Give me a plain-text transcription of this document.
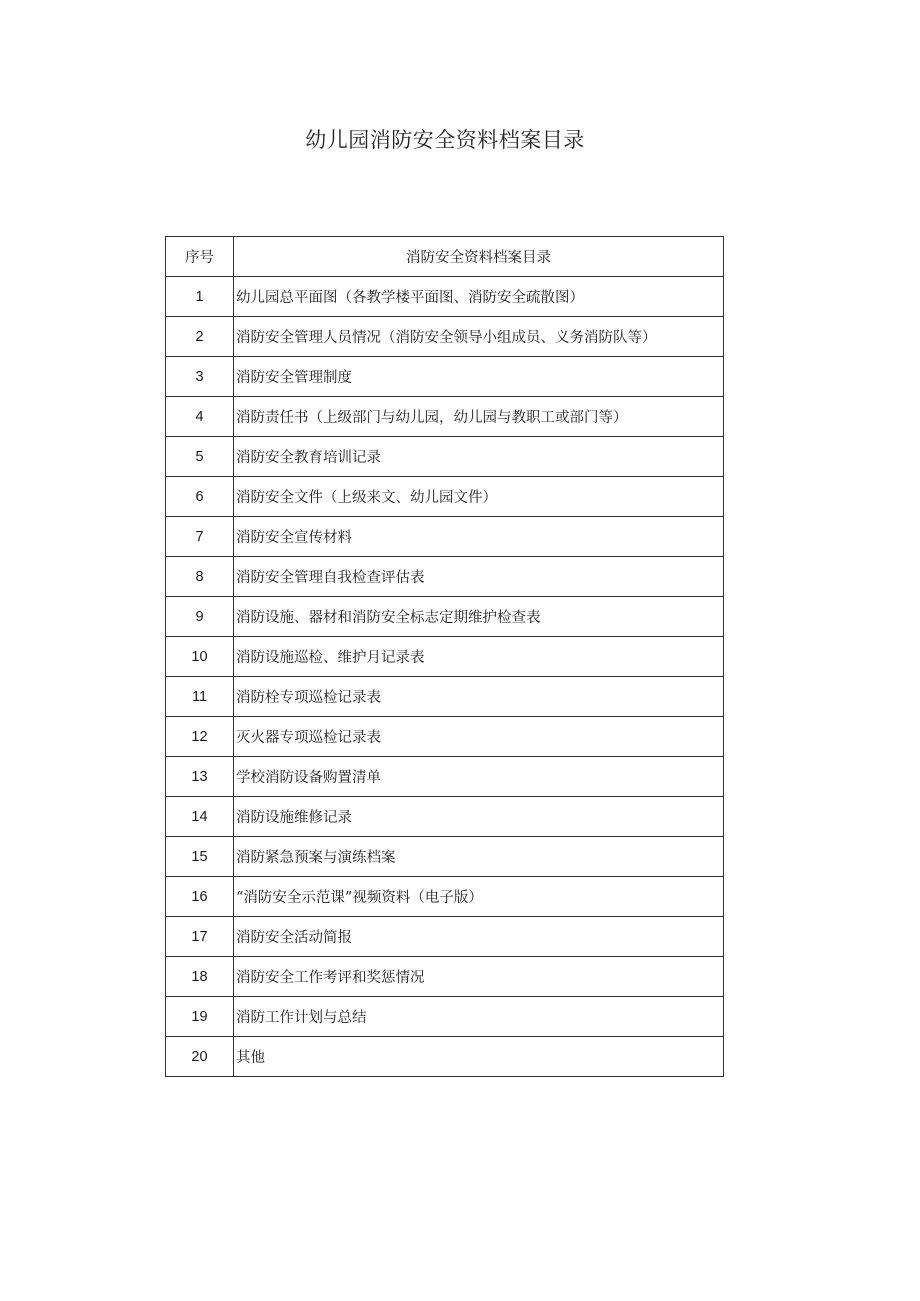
幼儿园消防安全资料档案目录
序号	消防安全资料档案目录
1	幼儿园总平面图（各教学楼平面图、消防安全疏散图）
2	消防安全管理人员情况（消防安全领导小组成员、义务消防队等）
3	消防安全管理制度
4	消防责任书（上级部门与幼儿园，幼儿园与教职工或部门等）
5	消防安全教育培训记录
6	消防安全文件（上级来文、幼儿园文件）
7	消防安全宣传材料
8	消防安全管理自我检查评估表
9	消防设施、器材和消防安全标志定期维护检查表
10	消防设施巡检、维护月记录表
11	消防栓专项巡检记录表
12	灭火器专项巡检记录表
13	学校消防设备购置清单
14	消防设施维修记录
15	消防紧急预案与演练档案
16	“消防安全示范课”视频资料（电子版）
17	消防安全活动简报
18	消防安全工作考评和奖惩情况
19	消防工作计划与总结
20	其他
